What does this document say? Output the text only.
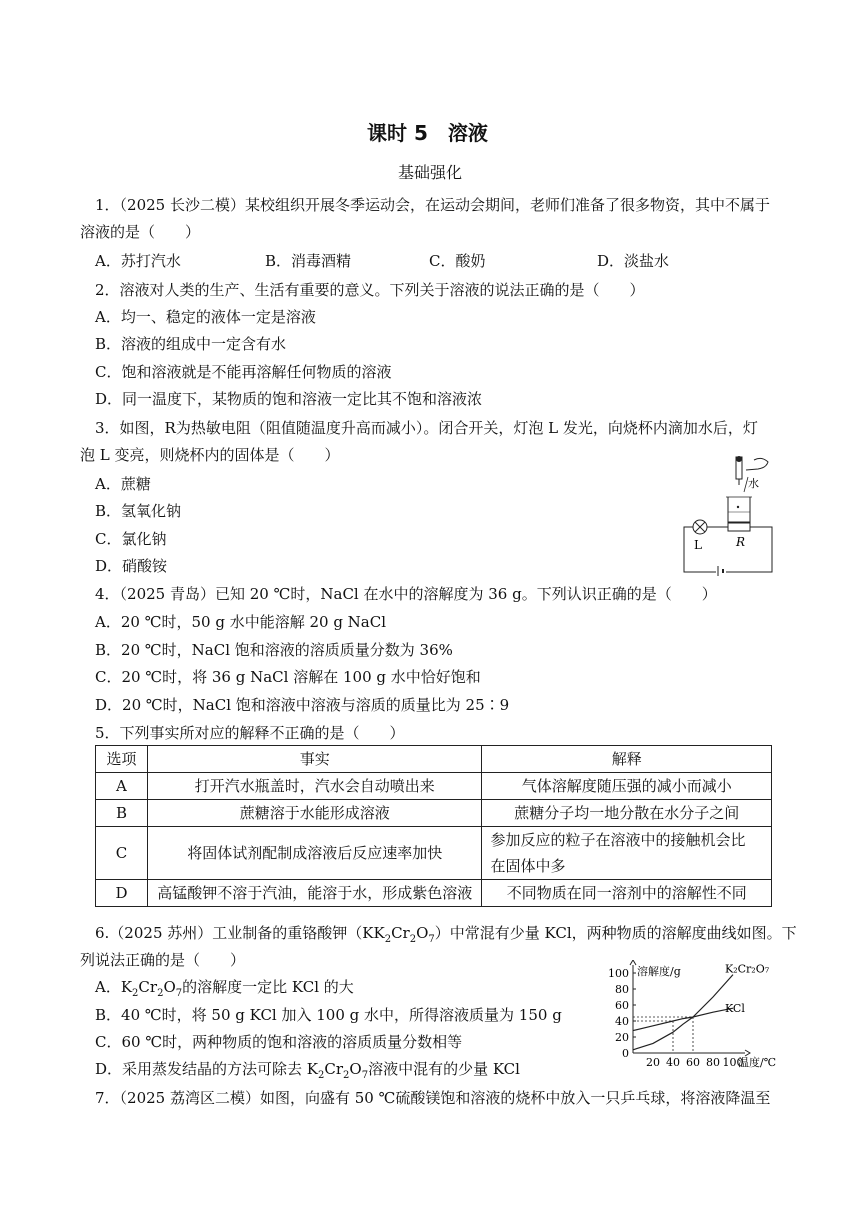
课时 5　溶液
基础强化
1．（2025 长沙二模）某校组织开展冬季运动会，在运动会期间，老师们准备了很多物资，其中不属于
溶液的是（　　）
A．苏打汽水	B．消毒酒精	C．酸奶	D．淡盐水
2．溶液对人类的生产、生活有重要的意义。下列关于溶液的说法正确的是（　　）
A．均一、稳定的液体一定是溶液
B．溶液的组成中一定含有水
C．饱和溶液就是不能再溶解任何物质的溶液
D．同一温度下，某物质的饱和溶液一定比其不饱和溶液浓
3．如图，R为热敏电阻（阻值随温度升高而减小）。闭合开关，灯泡 L 发光，向烧杯内滴加水后，灯
泡 L 变亮，则烧杯内的固体是（　　）
A．蔗糖
B．氢氧化钠
C．氯化钠
D．硝酸铵
水
L	R
4．（2025 青岛）已知 20 ℃时，NaCl 在水中的溶解度为 36 g。下列认识正确的是（　　）
A．20 ℃时，50 g 水中能溶解 20 g NaCl
B．20 ℃时，NaCl 饱和溶液的溶质质量分数为 36%
C．20 ℃时，将 36 g NaCl 溶解在 100 g 水中恰好饱和
D．20 ℃时，NaCl 饱和溶液中溶液与溶质的质量比为 25∶9
5．下列事实所对应的解释不正确的是（　　）
选项	事实	解释
A	打开汽水瓶盖时，汽水会自动喷出来	气体溶解度随压强的减小而减小
B	蔗糖溶于水能形成溶液	蔗糖分子均一地分散在水分子之间
C	将固体试剂配制成溶液后反应速率加快	参加反应的粒子在溶液中的接触机会比
在固体中多

D	高锰酸钾不溶于汽油，能溶于水，形成紫色溶液	不同物质在同一溶剂中的溶解性不同
6.（2025 苏州）工业制备的重铬酸钾$(KK_2Cr_2O_7)$中常混有少量 KCl，两种物质的溶解度曲线如图。下
列说法正确的是（　　）
A．$K_2Cr_2O_7$的溶解度一定比 KCl 的大
B．40 ℃时，将 50 g KCl 加入 100 g 水中，所得溶液质量为 150 g
C．60 ℃时，两种物质的饱和溶液的溶质质量分数相等
D．采用蒸发结晶的方法可除去 $K_2Cr_2O_7$溶液中混有的少量 KCl
0
20
40
60
80
100
20 40 60 80 100
溶解度/g
温度/℃
K₂Cr₂O₇
KCl
7．（2025 荔湾区二模）如图，向盛有 50 ℃硫酸镁饱和溶液的烧杯中放入一只乒乓球，将溶液降温至
